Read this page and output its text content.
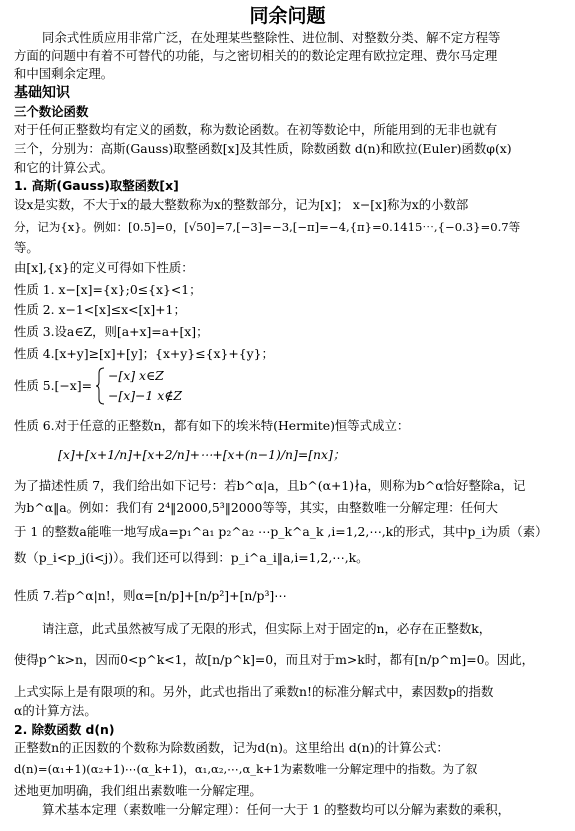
同余问题
同余式性质应用非常广泛，在处理某些整除性、进位制、对整数分类、解不定方程等
方面的问题中有着不可替代的功能，与之密切相关的的数论定理有欧拉定理、费尔马定理
和中国剩余定理。
基础知识
三个数论函数
对于任何正整数均有定义的函数，称为数论函数。在初等数论中，所能用到的无非也就有
三个，分别为：高斯(Gauss)取整函数[x]及其性质，除数函数 d(n)和欧拉(Euler)函数φ(x)
和它的计算公式。
1. 高斯(Gauss)取整函数[x]
设x是实数，不大于x的最大整数称为x的整数部分，记为[x]； x−[x]称为x的小数部
分，记为{x}。例如：[0.5]=0，[√50]=7,[−3]=−3,[−π]=−4,{π}=0.1415⋯,{−0.3}=0.7等
等。
由[x],{x}的定义可得如下性质：
性质 1. x−[x]={x};0≤{x}<1；
性质 2. x−1<[x]≤x<[x]+1；
性质 3.设a∈Z，则[a+x]=a+[x]；
性质 4.[x+y]≥[x]+[y]；{x+y}≤{x}+{y}；
性质 5.[−x]=
−[x] x∈Z
−[x]−1 x∉Z
性质 6.对于任意的正整数n，都有如下的埃米特(Hermite)恒等式成立：
[x]+[x+1/n]+[x+2/n]+⋯+[x+(n−1)/n]=[nx]；
为了描述性质 7，我们给出如下记号：若b^α|a，且b^(α+1)∤a，则称为b^α恰好整除a，记
为b^α‖a。例如：我们有 2⁴‖2000,5³‖2000等等，其实，由整数唯一分解定理：任何大
于 1 的整数a能唯一地写成a=p₁^a₁ p₂^a₂ ⋯p_k^a_k ,i=1,2,⋯,k的形式，其中p_i为质（素）
数（p_i<p_j(i<j)）。我们还可以得到：p_i^a_i‖a,i=1,2,⋯,k。
性质 7.若p^α|n!，则α=[n/p]+[n/p²]+[n/p³]⋯
请注意，此式虽然被写成了无限的形式，但实际上对于固定的n，必存在正整数k，
使得p^k>n，因而0<p^k<1，故[n/p^k]=0，而且对于m>k时，都有[n/p^m]=0。因此，
上式实际上是有限项的和。另外，此式也指出了乘数n!的标准分解式中，素因数p的指数
α的计算方法。
2. 除数函数 d(n)
正整数n的正因数的个数称为除数函数，记为d(n)。这里给出 d(n)的计算公式：
d(n)=(α₁+1)(α₂+1)⋯(α_k+1)，α₁,α₂,⋯,α_k+1为素数唯一分解定理中的指数。为了叙
述地更加明确，我们组出素数唯一分解定理。
算术基本定理（素数唯一分解定理）：任何一大于 1 的整数均可以分解为素数的乘积，
